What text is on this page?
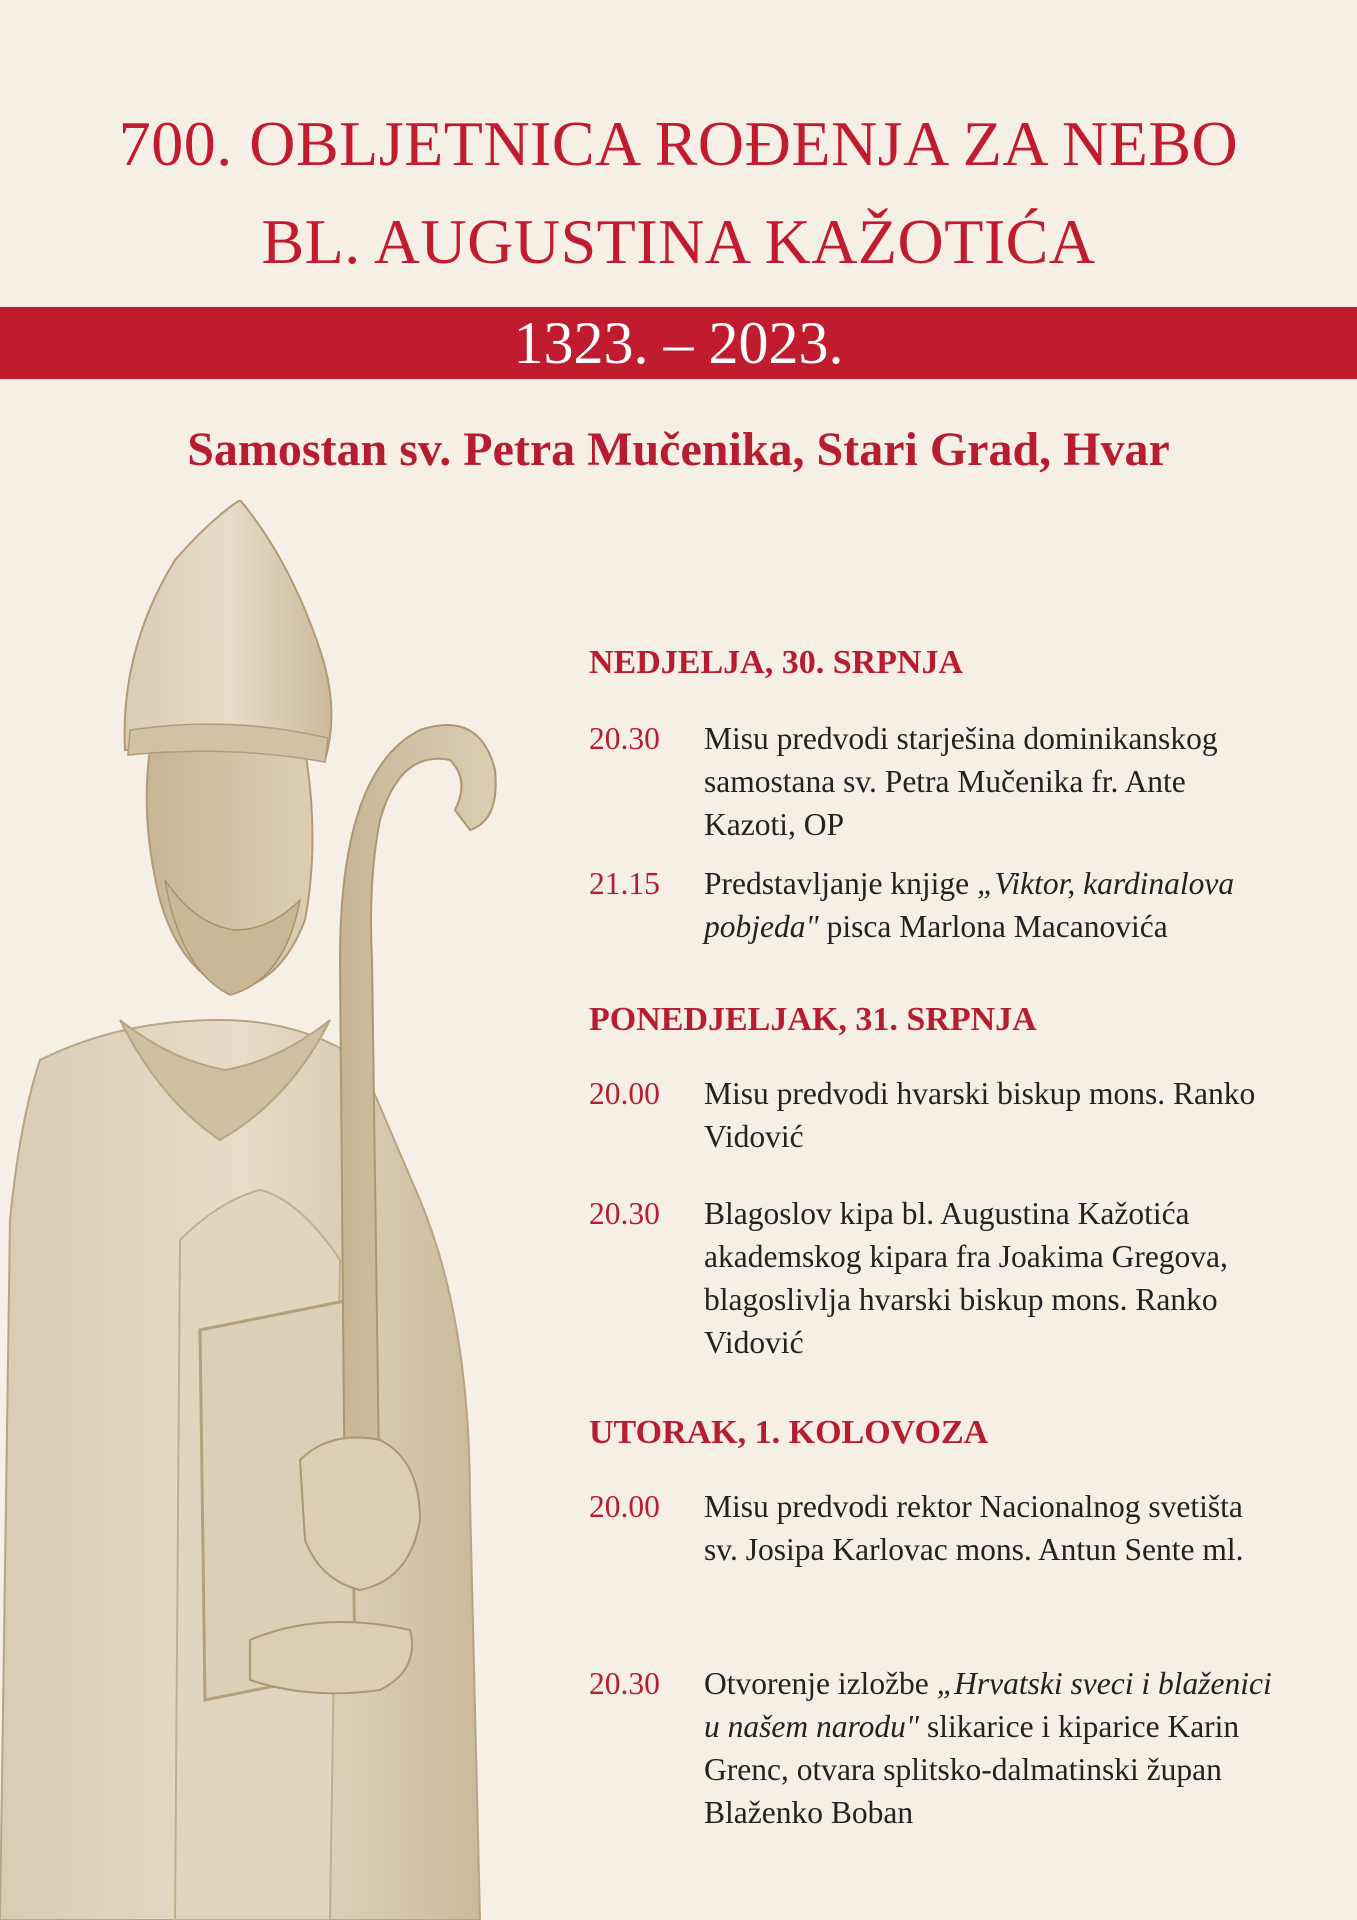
700. OBLJETNICA ROĐENJA ZA NEBO
BL. AUGUSTINA KAŽOTIĆA
1323. – 2023.
Samostan sv. Petra Mučenika, Stari Grad, Hvar
NEDJELJA, 30. SRPNJA
20.30 Misu predvodi starješina dominikanskog samostana sv. Petra Mučenika fr. Ante Kazoti, OP
21.15 Predstavljanje knjige „Viktor, kardinalova pobjeda" pisca Marlona Macanovića
PONEDJELJAK, 31. SRPNJA
20.00 Misu predvodi hvarski biskup mons. Ranko Vidović
20.30 Blagoslov kipa bl. Augustina Kažotića akademskog kipara fra Joakima Gregova, blagoslivlja hvarski biskup mons. Ranko Vidović
UTORAK, 1. KOLOVOZA
20.00 Misu predvodi rektor Nacionalnog svetišta sv. Josipa Karlovac mons. Antun Sente ml.
20.30 Otvorenje izložbe „Hrvatski sveci i blaženici u našem narodu" slikarice i kiparice Karin Grenc, otvara splitsko-dalmatinski župan Blaženko Boban
